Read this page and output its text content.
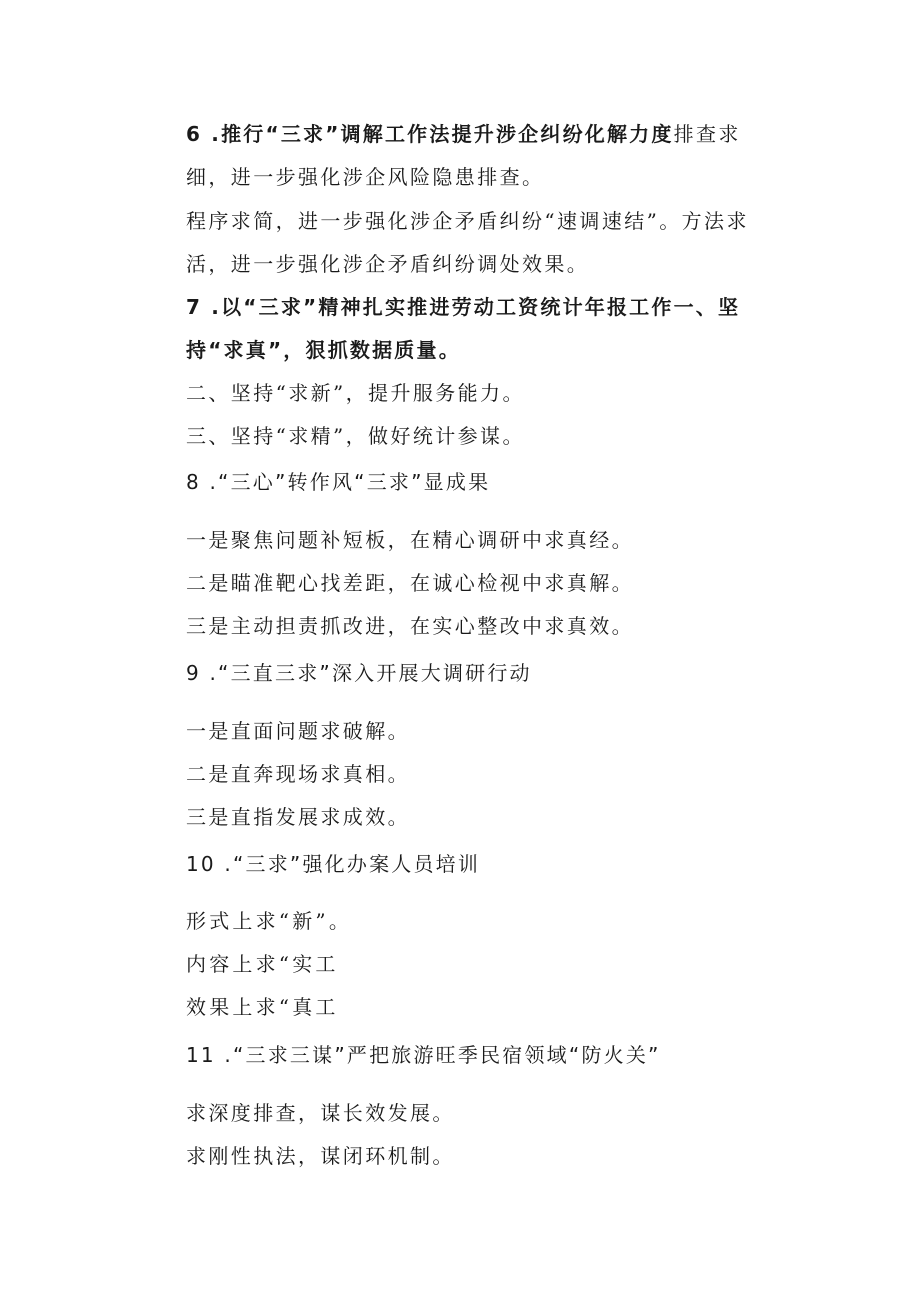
6 .推行“三求”调解工作法提升涉企纠纷化解力度排查求
细，进一步强化涉企风险隐患排查。
程序求简，进一步强化涉企矛盾纠纷“速调速结”。方法求
活，进一步强化涉企矛盾纠纷调处效果。
7 .以“三求”精神扎实推进劳动工资统计年报工作一、坚
持“求真”，狠抓数据质量。
二、坚持“求新”，提升服务能力。
三、坚持“求精”，做好统计参谋。
8 .“三心”转作风“三求”显成果
一是聚焦问题补短板，在精心调研中求真经。
二是瞄准靶心找差距，在诚心检视中求真解。
三是主动担责抓改进，在实心整改中求真效。
9 .“三直三求”深入开展大调研行动
一是直面问题求破解。
二是直奔现场求真相。
三是直指发展求成效。
10 .“三求”强化办案人员培训
形式上求“新”。
内容上求“实工
效果上求“真工
11 .“三求三谋”严把旅游旺季民宿领域“防火关”
求深度排查，谋长效发展。
求刚性执法，谋闭环机制。
